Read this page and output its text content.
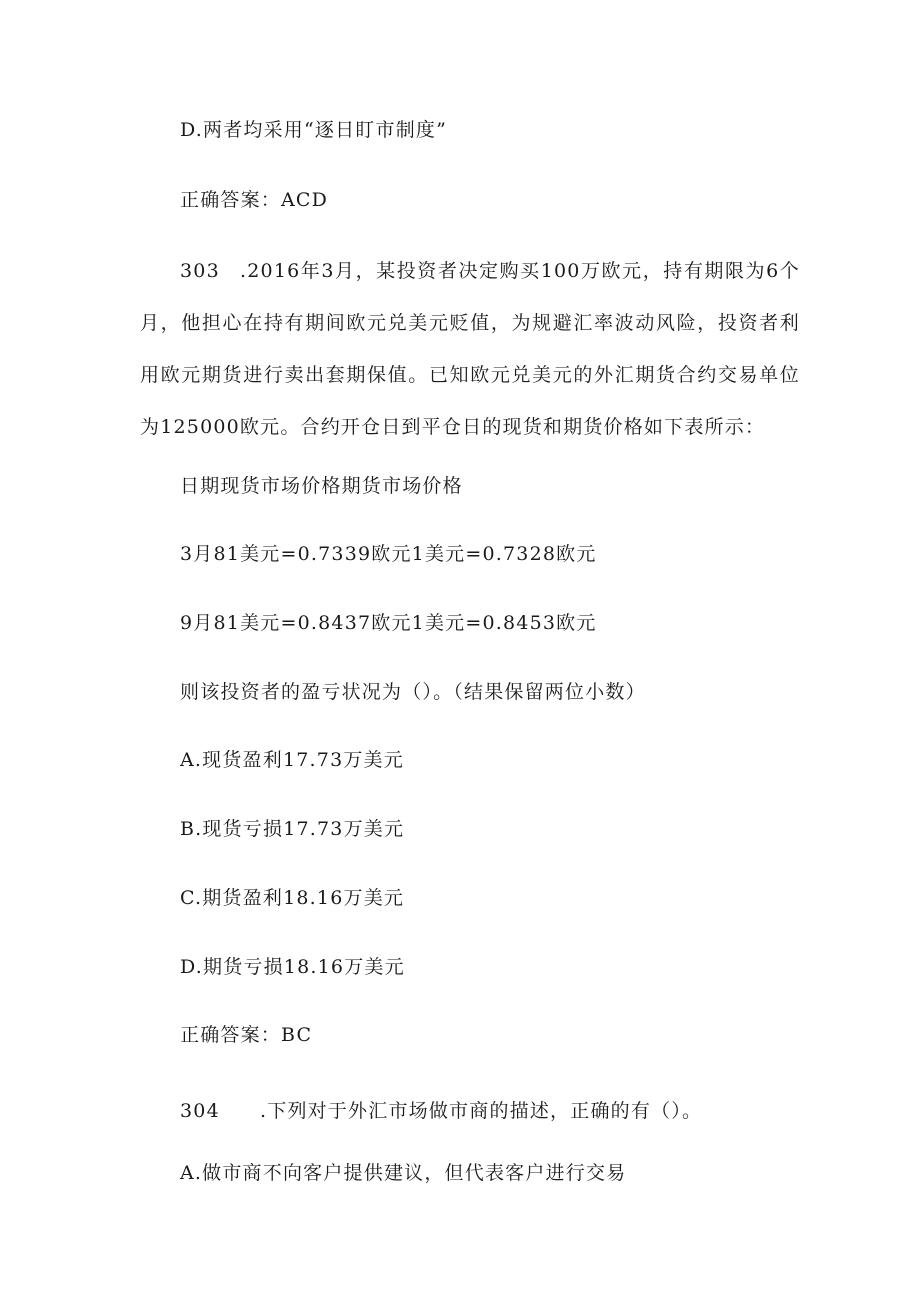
D.两者均采用“逐日盯市制度”
正确答案：ACD
303 .2016年3月，某投资者决定购买100万欧元，持有期限为6个月，他担心在持有期间欧元兑美元贬值，为规避汇率波动风险，投资者利用欧元期货进行卖出套期保值。已知欧元兑美元的外汇期货合约交易单位为125000欧元。合约开仓日到平仓日的现货和期货价格如下表所示：
日期现货市场价格期货市场价格
3月81美元=0.7339欧元1美元=0.7328欧元
9月81美元=0.8437欧元1美元=0.8453欧元
则该投资者的盈亏状况为（）。（结果保留两位小数）
A.现货盈利17.73万美元
B.现货亏损17.73万美元
C.期货盈利18.16万美元
D.期货亏损18.16万美元
正确答案：BC
304 .下列对于外汇市场做市商的描述，正确的有（）。
A.做市商不向客户提供建议，但代表客户进行交易
